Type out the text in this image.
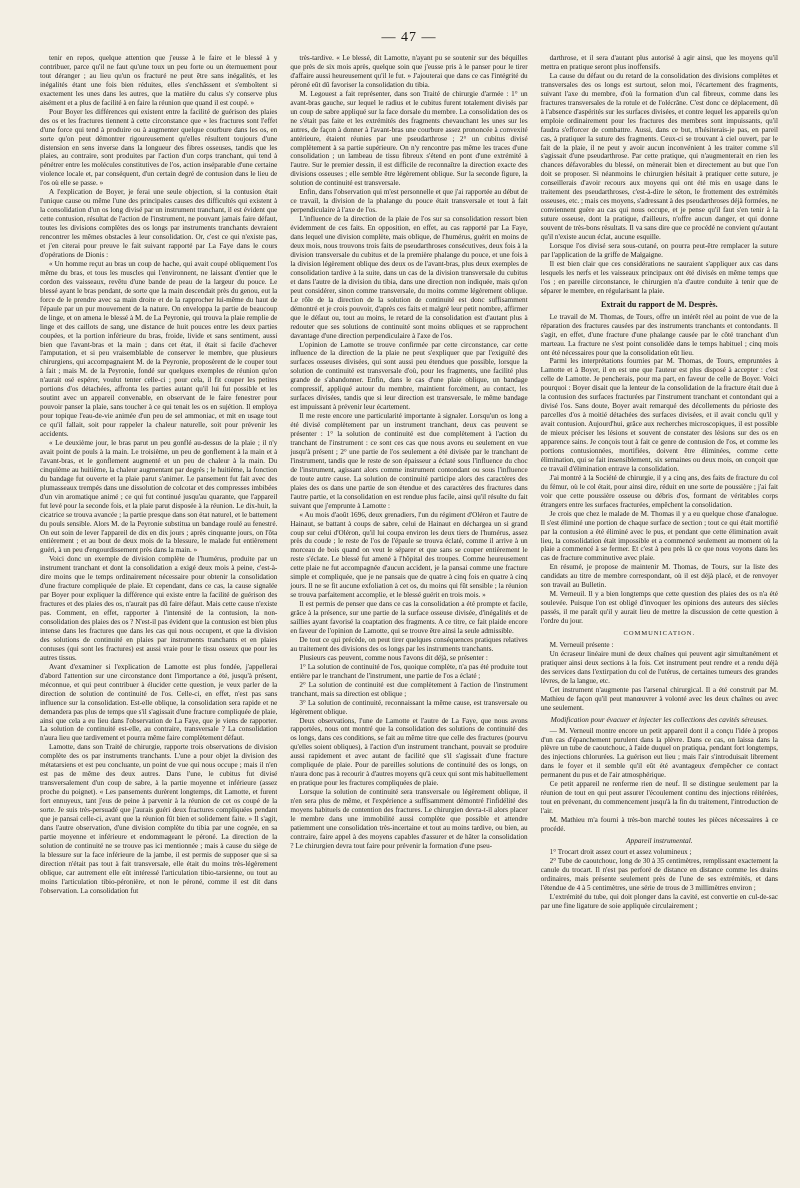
— 47 —

tenir en repos, quelque attention que j'eusse à le faire et le blessé à y contribuer, parce qu'il ne faut qu'une toux un peu forte ou un éternuement pour tout déranger ; au lieu qu'un os fracturé ne peut être sans inégalités, et les inégalités étant une fois bien réduites, elles s'enchâssent et s'emboîtent si exactement les unes dans les autres, que la matière du calus s'y conserve plus aisément et a plus de facilité à en faire la réunion que quand il est coupé. »

Pour Boyer les différences qui existent entre la facilité de guérison des plaies des os et les fractures tiennent à cette circonstance que « les fractures sont l'effet d'une force qui tend à produire ou à augmenter quelque courbure dans les os, en sorte qu'on peut démontrer rigoureusement qu'elles résultent toujours d'une distension en sens inverse dans la longueur des fibres osseuses, tandis que les plaies, au contraire, sont produites par l'action d'un corps tranchant, qui tend à pénétrer entre les molécules constitutives de l'os, action inséparable d'une certaine violence locale et, par conséquent, d'un certain degré de contusion dans le lieu de l'os où elle se passe. »

A l'explication de Boyer, je ferai une seule objection, si la contusion était l'unique cause ou même l'une des principales causes des difficultés qui existent à la consolidation d'un os long divisé par un instrument tranchant, il est évident que cette contusion, résultat de l'action de l'instrument, ne pouvant jamais faire défaut, toutes les divisions complètes des os longs par instruments tranchants devraient rencontrer les mêmes obstacles à leur consolidation. Or, c'est ce qui n'existe pas, et j'en citerai pour preuve le fait suivant rapporté par La Faye dans le cours d'opérations de Dionis :

« Un homme reçut au bras un coup de hache, qui avait coupé obliquement l'os même du bras, et tous les muscles qui l'environnent, ne laissant d'entier que le cordon des vaisseaux, revêtu d'une bande de peau de la largeur du pouce. Le blessé ayant le bras pendant, de sorte que la main descendait près du genou, eut la force de le prendre avec sa main droite et de la rapprocher lui-même du haut de l'épaule par un pur mouvement de la nature. On enveloppa la partie de beaucoup de linge, et on amena le blessé à M. de La Peyronie, qui trouva la plaie remplie de linge et des caillots de sang, une distance de huit pouces entre les deux parties coupées, et la portion inférieure du bras, froide, livide et sans sentiment, aussi bien que l'avant-bras et la main ; dans cet état, il était si facile d'achever l'amputation, et si peu vraisemblable de conserver le membre, que plusieurs chirurgiens, qui accompagnaient M. de la Peyronie, proposèrent de le couper tout à fait ; mais M. de la Peyronie, fondé sur quelques exemples de réunion qu'on n'aurait osé espérer, voulut tenter celle-ci ; pour cela, il fit couper les petites portions d'os détachées, affronta les parties autant qu'il lui fut possible et les soutint avec un appareil convenable, en observant de le faire fenestrer pour pouvoir panser la plaie, sans toucher à ce qui tenait les os en sujétion. Il employa pour topique l'eau-de-vie animée d'un peu de sel ammoniac, et mit en usage tout ce qu'il fallait, soit pour rappeler la chaleur naturelle, soit pour prévenir les accidents.

« Le deuxième jour, le bras parut un peu gonflé au-dessus de la plaie ; il n'y avait point de pouls à la main. Le troisième, un peu de gonflement à la main et à l'avant-bras, et le gonflement augmenté et un peu de chaleur à la main. Du cinquième au huitième, la chaleur augmentant par degrés ; le huitième, la fonction du bandage fut ouverte et la plaie parut s'animer. Le pansement fut fait avec des plumasseaux trempés dans une dissolution de colcotar et des compresses imbibées d'un vin aromatique animé ; ce qui fut continué jusqu'au quarante, que l'appareil fut levé pour la seconde fois, et la plaie parut disposée à la réunion. Le dix-huit, la cicatrice se trouva avancée ; la partie presque dans son état naturel, et le battement du pouls sensible. Alors M. de la Peyronie substitua un bandage roulé au fenestré. On eut soin de lever l'appareil de dix en dix jours ; après cinquante jours, on l'ôta entièrement ; et au bout de deux mois de la blessure, le malade fut entièrement guéri, à un peu d'engourdissement près dans la main. »

Voici donc un exemple de division complète de l'humérus, produite par un instrument tranchant et dont la consolidation a exigé deux mois à peine, c'est-à-dire moins que le temps ordinairement nécessaire pour obtenir la consolidation d'une fracture compliquée de plaie. Et cependant, dans ce cas, la cause signalée par Boyer pour expliquer la différence qui existe entre la facilité de guérison des fractures et des plaies des os, n'aurait pas dû faire défaut. Mais cette cause n'existe pas. Comment, en effet, rapporter à l'intensité de la contusion, la non-consolidation des plaies des os ? N'est-il pas évident que la contusion est bien plus intense dans les fractures que dans les cas qui nous occupent, et que la division des solutions de continuité en plaies par instruments tranchants et en plaies contuses (qui sont les fractures) est aussi vraie pour le tissu osseux que pour les autres tissus.

Avant d'examiner si l'explication de Lamotte est plus fondée, j'appellerai d'abord l'attention sur une circonstance dont l'importance a été, jusqu'à présent, méconnue, et qui peut contribuer à élucider cette question, je veux parler de la direction de solution de continuité de l'os. Celle-ci, en effet, n'est pas sans influence sur la consolidation. Est-elle oblique, la consolidation sera rapide et ne demandera pas plus de temps que s'il s'agissait d'une fracture compliquée de plaie, ainsi que cela a eu lieu dans l'observation de La Faye, que je viens de rapporter. La solution de continuité est-elle, au contraire, transversale ? La consolidation n'aura lieu que tardivement et pourra même faire complètement défaut.

Lamotte, dans son Traité de chirurgie, rapporte trois observations de division complète des os par instruments tranchants. L'une a pour objet la division des métatarsiens et est peu concluante, un point de vue qui nous occupe ; mais il n'en est pas de même des deux autres. Dans l'une, le cubitus fut divisé transversalement d'un coup de sabre, à la partie moyenne et inférieure (assez proche du poignet). « Les pansements durèrent longtemps, dit Lamotte, et furent fort ennuyeux, tant j'eus de peine à parvenir à la réunion de cet os coupé de la sorte. Je suis très-persuadé que j'aurais guéri deux fractures compliquées pendant que je pansai celle-ci, avant que la réunion fût bien et solidement faite. » Il s'agit, dans l'autre observation, d'une division complète du tibia par une cognée, en sa partie moyenne et inférieure et endommageant le péroné. La direction de la solution de continuité ne se trouve pas ici mentionnée ; mais à cause du siège de la blessure sur la face inférieure de la jambe, il est permis de supposer que si sa direction n'était pas tout à fait transversale, elle était du moins très-légèrement oblique, car autrement elle eût intéressé l'articulation tibio-tarsienne, ou tout au moins l'articulation tibio-péronière, et non le péroné, comme il est dit dans l'observation. La consolidation fut

très-tardive. « Le blessé, dit Lamotte, n'ayant pu se soutenir sur des béquilles que près de six mois après, quelque soin que j'eusse pris à le panser pour le tirer d'affaire aussi heureusement qu'il le fut. » J'ajouterai que dans ce cas l'intégrité du péroné eût dû favoriser la consolidation du tibia.

M. Legouest a fait représenter, dans son Traité de chirurgie d'armée : 1° un avant-bras gauche, sur lequel le radius et le cubitus furent totalement divisés par un coup de sabre appliqué sur la face dorsale du membre. La consolidation des os ne s'était pas faite et les extrémités des fragments chevauchant les unes sur les autres, de façon à donner à l'avant-bras une courbure assez prononcée à convexité antérieure, étaient réunies par une pseudarthrose ; 2° un cubitus divisé complètement à sa partie supérieure. On n'y rencontre pas même les traces d'une consolidation ; un lambeau de tissu fibreux s'étend en pont d'une extrémité à l'autre. Sur le premier dessin, il est difficile de reconnaître la direction exacte des divisions osseuses ; elle semble être légèrement oblique. Sur la seconde figure, la solution de continuité est transversale.

Enfin, dans l'observation qui m'est personnelle et que j'ai rapportée au début de ce travail, la division de la phalange du pouce était transversale et tout à fait perpendiculaire à l'axe de l'os.

L'influence de la direction de la plaie de l'os sur sa consolidation ressort bien évidemment de ces faits. En opposition, en effet, au cas rapporté par La Faye, dans lequel une division complète, mais oblique, de l'humérus, guérit en moins de deux mois, nous trouvons trois faits de pseudarthroses consécutives, deux fois à la division transversale du cubitus et de la première phalange du pouce, et une fois à la division légèrement oblique des deux os de l'avant-bras, plus deux exemples de consolidation tardive à la suite, dans un cas de la division transversale du cubitus et dans l'autre de la division du tibia, dans une direction non indiquée, mais qu'on peut considérer, sinon comme transversale, du moins comme légèrement oblique. Le rôle de la direction de la solution de continuité est donc suffisamment démontré et je crois pouvoir, d'après ces faits et malgré leur petit nombre, affirmer que le défaut ou, tout au moins, le retard de la consolidation est d'autant plus à redouter que ses solutions de continuité sont moins obliques et se rapprochent davantage d'une direction perpendiculaire à l'axe de l'os.

L'opinion de Lamotte se trouve confirmée par cette circonstance, car cette influence de la direction de la plaie ne peut s'expliquer que par l'exiguïté des surfaces osseuses divisées, qui sont aussi peu étendues que possible, lorsque la solution de continuité est transversale d'où, pour les fragments, une facilité plus grande de s'abandonner. Enfin, dans le cas d'une plaie oblique, un bandage compressif, appliqué autour du membre, maintient forcément, au contact, les surfaces divisées, tandis que si leur direction est transversale, le même bandage est impuissant à prévenir leur écartement.

Il me reste encore une particularité importante à signaler. Lorsqu'un os long a été divisé complètement par un instrument tranchant, deux cas peuvent se présenter : 1° la solution de continuité est due complètement à l'action du tranchant de l'instrument : ce sont ces cas que nous avons eu seulement en vue jusqu'à présent ; 2° une partie de l'os seulement a été divisée par le tranchant de l'instrument, tandis que le reste de son épaisseur a éclaté sous l'influence du choc de l'instrument, agissant alors comme instrument contondant ou sous l'influence de toute autre cause. La solution de continuité participe alors des caractères des plaies des os dans une partie de son étendue et des caractères des fractures dans l'autre partie, et la consolidation en est rendue plus facile, ainsi qu'il résulte du fait suivant que j'emprunte à Lamotte :

« Au mois d'août 1696, deux grenadiers, l'un du régiment d'Oléron et l'autre de Hainaut, se battant à coups de sabre, celui de Hainaut en déchargea un si grand coup sur celui d'Oléron, qu'il lui coupa environ les deux tiers de l'humérus, assez près du coude ; le reste de l'os de l'épaule se trouva éclaté, comme il arrive à un morceau de bois quand on veut le séparer et que sans se couper entièrement le reste s'éclate. Le blessé fut amené à l'hôpital des troupes. Comme heureusement cette plaie ne fut accompagnée d'aucun accident, je la pansai comme une fracture simple et compliquée, que je ne pansais que de quatre à cinq fois en quatre à cinq jours. Il ne se fit aucune exfoliation à cet os, du moins qui fût sensible ; la réunion se trouva parfaitement accomplie, et le blessé guérit en trois mois. »

Il est permis de penser que dans ce cas la consolidation a été prompte et facile, grâce à la présence, sur une partie de la surface osseuse divisée, d'inégalités et de saillies ayant favorisé la coaptation des fragments. A ce titre, ce fait plaide encore en faveur de l'opinion de Lamotte, qui se trouve être ainsi la seule admissible.

De tout ce qui précède, on peut tirer quelques conséquences pratiques relatives au traitement des divisions des os longs par les instruments tranchants.

Plusieurs cas peuvent, comme nous l'avons dit déjà, se présenter :

1° La solution de continuité de l'os, quoique complète, n'a pas été produite tout entière par le tranchant de l'instrument, une partie de l'os a éclaté ;

2° La solution de continuité est due complètement à l'action de l'instrument tranchant, mais sa direction est oblique ;

3° La solution de continuité, reconnaissant la même cause, est transversale ou légèrement oblique.

Deux observations, l'une de Lamotte et l'autre de La Faye, que nous avons rapportées, nous ont montré que la consolidation des solutions de continuité des os longs, dans ces conditions, se fait au même titre que celle des fractures (pourvu qu'elles soient obliques), à l'action d'un instrument tranchant, pouvait se produire aussi rapidement et avec autant de facilité que s'il s'agissait d'une fracture compliquée de plaie. Pour de pareilles solutions de continuité des os longs, on n'aura donc pas à recourir à d'autres moyens qu'à ceux qui sont mis habituellement en pratique pour les fractures compliquées de plaie.

Lorsque la solution de continuité sera transversale ou légèrement oblique, il n'en sera plus de même, et l'expérience a suffisamment démontré l'infidélité des moyens habituels de contention des fractures. Le chirurgien devra-t-il alors placer le membre dans une immobilité aussi complète que possible et attendre patiemment une consolidation très-incertaine et tout au moins tardive, ou bien, au contraire, faire appel à des moyens capables d'assurer et de hâter la consolidation ? Le chirurgien devra tout faire pour prévenir la formation d'une pseu-

darthrose, et il sera d'autant plus autorisé à agir ainsi, que les moyens qu'il mettra en pratique seront plus inoffensifs.

La cause du défaut ou du retard de la consolidation des divisions complètes et transversales des os longs est surtout, selon moi, l'écartement des fragments, suivant l'axe du membre, d'où la formation d'un cal fibreux, comme dans les fractures transversales de la rotule et de l'olécrâne. C'est donc ce déplacement, dû à l'absence d'aspérités sur les surfaces divisées, et contre lequel les appareils qu'on emploie ordinairement pour les fractures des membres sont impuissants, qu'il faudra s'efforcer de combattre. Aussi, dans ce but, n'hésiterais-je pas, en pareil cas, à pratiquer la suture des fragments. Ceux-ci se trouvant à ciel ouvert, par le fait de la plaie, il ne peut y avoir aucun inconvénient à les traiter comme s'il s'agissait d'une pseudarthrose. Par cette pratique, qui n'augmenterait en rien les chances défavorables du blessé, on mènerait bien et directement au but que l'on doit se proposer. Si néanmoins le chirurgien hésitait à pratiquer cette suture, je conseillerais d'avoir recours aux moyens qui ont été mis en usage dans le traitement des pseudarthroses, c'est-à-dire le séton, le frottement des extrémités osseuses, etc. ; mais ces moyens, s'adressant à des pseudarthroses déjà formées, ne conviennent guère au cas qui nous occupe, et je pense qu'il faut s'en tenir à la suture osseuse, dont la pratique, d'ailleurs, n'offre aucun danger, et qui donne souvent de très-bons résultats. Il va sans dire que ce procédé ne convient qu'autant qu'il n'existe aucun éclat, aucune esquille.

Lorsque l'os divisé sera sous-cutané, on pourra peut-être remplacer la suture par l'application de la griffe de Malgaigne.

Il est bien clair que ces considérations ne sauraient s'appliquer aux cas dans lesquels les nerfs et les vaisseaux principaux ont été divisés en même temps que l'os ; en pareille circonstance, le chirurgien n'a d'autre conduite à tenir que de séparer le membre, en régularisant la plaie.

Extrait du rapport de M. Desprès.

Le travail de M. Thomas, de Tours, offre un intérêt réel au point de vue de la réparation des fractures causées par des instruments tranchants et contondants. Il s'agit, en effet, d'une fracture d'une phalange causée par le côté tranchant d'un marteau. La fracture ne s'est point consolidée dans le temps habituel ; cinq mois ont été nécessaires pour que la consolidation eût lieu.

Parmi les interprétations fournies par M. Thomas, de Tours, empruntées à Lamotte et à Boyer, il en est une que l'auteur est plus disposé à accepter : c'est celle de Lamotte. Je pencherais, pour ma part, en faveur de celle de Boyer. Voici pourquoi : Boyer disait que la lenteur de la consolidation de la fracture était due à la contusion des surfaces fracturées par l'instrument tranchant et contondant qui a divisé l'os. Sans doute, Boyer avait remarqué des décollements du périoste des parcelles d'os à moitié détachées des surfaces divisées, et il avait conclu qu'il y avait contusion. Aujourd'hui, grâce aux recherches microscopiques, il est possible de mieux préciser les lésions et souvent de constater des lésions sur des os en apparence sains. Je conçois tout à fait ce genre de contusion de l'os, et comme les portions contusionnées, mortifiées, doivent être éliminées, comme cette élimination, qui se fait insensiblement, six semaines ou deux mois, on conçoit que ce travail d'élimination entrave la consolidation.

J'ai montré à la Société de chirurgie, il y a cinq ans, des faits de fracture du col du fémur, où le col était, pour ainsi dire, réduit en une sorte de poussière ; j'ai fait voir que cette poussière osseuse ou débris d'os, formant de véritables corps étrangers entre les surfaces fracturées, empêchent la consolidation.

Je crois que chez le malade de M. Thomas il y a eu quelque chose d'analogue. Il s'est éliminé une portion de chaque surface de section ; tout ce qui était mortifié par la contusion a été éliminé avec le pus, et pendant que cette élimination avait lieu, la consolidation était impossible et a commencé seulement au moment où la plaie a commencé à se fermer. Et c'est à peu près là ce que nous voyons dans les cas de fracture comminutive avec plaie.

En résumé, je propose de maintenir M. Thomas, de Tours, sur la liste des candidats au titre de membre correspondant, où il est déjà placé, et de renvoyer son travail au Bulletin.

M. Verneuil. Il y a bien longtemps que cette question des plaies des os n'a été soulevée. Puisque l'on est obligé d'invoquer les opinions des auteurs des siècles passés, il me paraît qu'il y aurait lieu de mettre la discussion de cette question à l'ordre du jour.

COMMUNICATION.

M. Verneuil présente :

Un écraseur linéaire muni de deux chaînes qui peuvent agir simultanément et pratiquer ainsi deux sections à la fois. Cet instrument peut rendre et a rendu déjà des services dans l'extirpation du col de l'utérus, de certaines tumeurs des grandes lèvres, de la langue, etc.

Cet instrument n'augmente pas l'arsenal chirurgical. Il a été construit par M. Mathieu de façon qu'il peut manœuvrer à volonté avec les deux chaînes ou avec une seulement.

Modification pour évacuer et injecter les collections des cavités séreuses.

— M. Verneuil montre encore un petit appareil dont il a conçu l'idée à propos d'un cas d'épanchement purulent dans la plèvre. Dans ce cas, on laissa dans la plèvre un tube de caoutchouc, à l'aide duquel on pratiqua, pendant fort longtemps, des injections chlorurées. La guérison eut lieu ; mais l'air s'introduisait librement dans le foyer et il semble qu'il eût été avantageux d'empêcher ce contact permanent du pus et de l'air atmosphérique.

Ce petit appareil ne renferme rien de neuf. Il se distingue seulement par la réunion de tout en qui peut assurer l'écoulement continu des injections réitérées, tout en prévenant, du commencement jusqu'à la fin du traitement, l'introduction de l'air.

M. Mathieu m'a fourni à très-bon marché toutes les pièces nécessaires à ce procédé.

Appareil instrumental.

1° Trocart droit assez court et assez volumineux ;

2° Tube de caoutchouc, long de 30 à 35 centimètres, remplissant exactement la canule du trocart. Il n'est pas perforé de distance en distance comme les drains ordinaires, mais présente seulement près de l'une de ses extrémités, et dans l'étendue de 4 à 5 centimètres, une série de trous de 3 millimètres environ ;

L'extrémité du tube, qui doit plonger dans la cavité, est convertie en cul-de-sac par une fine ligature de soie appliquée circulairement ;
